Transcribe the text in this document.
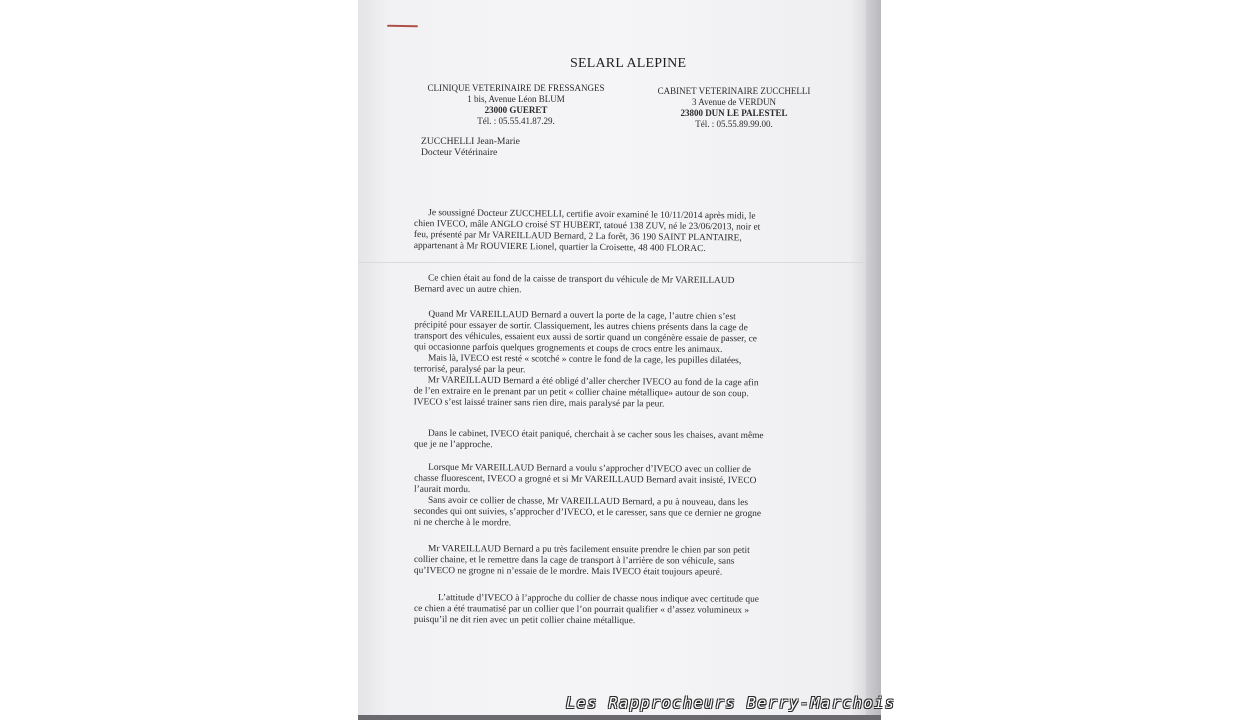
SELARL ALEPINE
CLINIQUE VETERINAIRE DE FRESSANGES
1 bis, Avenue Léon BLUM
23000 GUERET
Tél. : 05.55.41.87.29.
CABINET VETERINAIRE ZUCCHELLI
3 Avenue de VERDUN
23800 DUN LE PALESTEL
Tél. : 05.55.89.99.00.
ZUCCHELLI Jean-Marie
Docteur Vétérinaire
Je soussigné Docteur ZUCCHELLI, certifie avoir examiné le 10/11/2014 après midi, le
chien IVECO, mâle ANGLO croisé ST HUBERT, tatoué 138 ZUV, né le 23/06/2013, noir et
feu, présenté par Mr VAREILLAUD Bernard, 2 La forêt, 36 190 SAINT PLANTAIRE,
appartenant à Mr ROUVIERE Lionel, quartier la Croisette, 48 400 FLORAC.
Ce chien était au fond de la caisse de transport du véhicule de Mr VAREILLAUD
Bernard avec un autre chien.
Quand Mr VAREILLAUD Bernard a ouvert la porte de la cage, l’autre chien s’est
précipité pour essayer de sortir. Classiquement, les autres chiens présents dans la cage de
transport des véhicules, essaient eux aussi de sortir quand un congénère essaie de passer, ce
qui occasionne parfois quelques grognements et coups de crocs entre les animaux.
Mais là, IVECO est resté « scotché » contre le fond de la cage, les pupilles dilatées,
terrorisé, paralysé par la peur.
Mr VAREILLAUD Bernard a été obligé d’aller chercher IVECO au fond de la cage afin
de l’en extraire en le prenant par un petit « collier chaine métallique» autour de son coup.
IVECO s’est laissé trainer sans rien dire, mais paralysé par la peur.
Dans le cabinet, IVECO était paniqué, cherchait à se cacher sous les chaises, avant même
que je ne l’approche.
Lorsque Mr VAREILLAUD Bernard a voulu s’approcher d’IVECO avec un collier de
chasse fluorescent, IVECO a grogné et si Mr VAREILLAUD Bernard avait insisté, IVECO
l’aurait mordu.
Sans avoir ce collier de chasse, Mr VAREILLAUD Bernard, a pu à nouveau, dans les
secondes qui ont suivies, s’approcher d’IVECO, et le caresser, sans que ce dernier ne grogne
ni ne cherche à le mordre.
Mr VAREILLAUD Bernard a pu très facilement ensuite prendre le chien par son petit
collier chaine, et le remettre dans la cage de transport à l’arrière de son véhicule, sans
qu’IVECO ne grogne ni n’essaie de le mordre. Mais IVECO était toujours apeuré.
L’attitude d’IVECO à l’approche du collier de chasse nous indique avec certitude que
ce chien a été traumatisé par un collier que l’on pourrait qualifier « d’assez volumineux »
puisqu’il ne dit rien avec un petit collier chaine métallique.
Les Rapprocheurs Berry-Marchois
